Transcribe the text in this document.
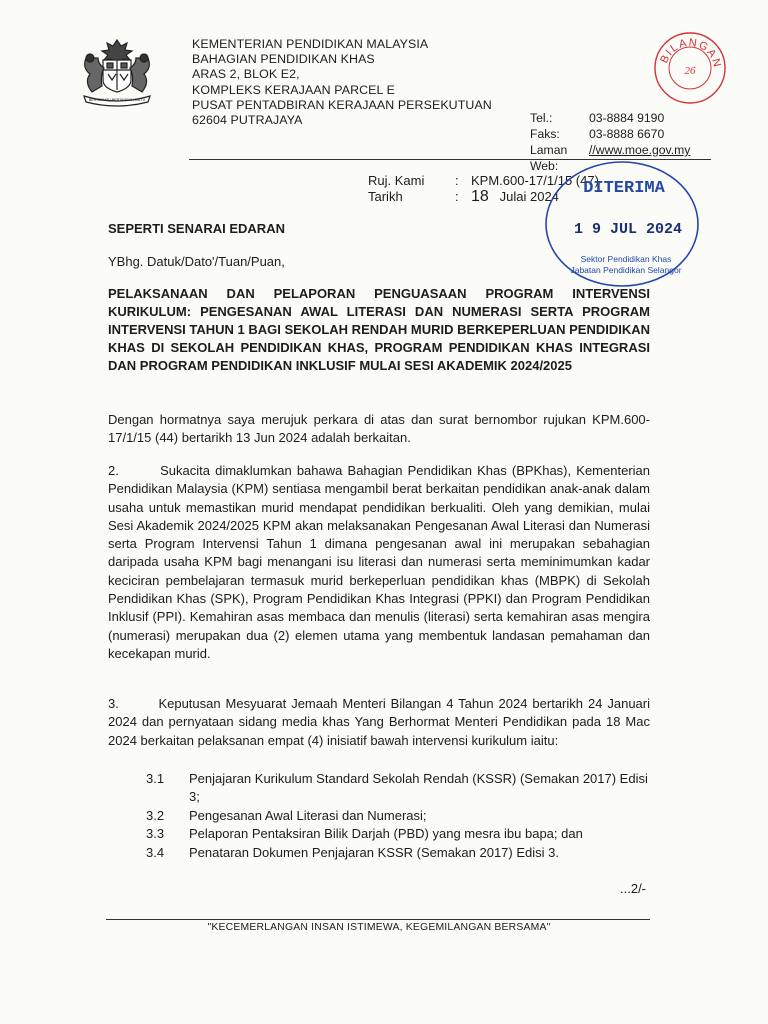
BERSEKUTU BERTAMBAH MUTU
KEMENTERIAN PENDIDIKAN MALAYSIA
BAHAGIAN PENDIDIKAN KHAS
ARAS 2, BLOK E2,
KOMPLEKS KERAJAAN PARCEL E
PUSAT PENTADBIRAN KERAJAAN PERSEKUTUAN
62604 PUTRAJAYA	Tel.:	03-8884 9190
Faks:	03-8888 6670
Laman Web:
//www.moe.gov.my
BILANGAN
26
Ruj. Kami	: KPM.600-17/1/15 (47)
Tarikh	: 18
Julai 2024 DITERIMA
1 9 JUL 2024
Sektor Pendidikan Khas
Jabatan Pendidikan Selangor
SEPERTI SENARAI EDARAN
YBhg. Datuk/Dato'/Tuan/Puan,
PELAKSANAAN DAN PELAPORAN PENGUASAAN PROGRAM INTERVENSI KURIKULUM: PENGESANAN AWAL LITERASI DAN NUMERASI SERTA PROGRAM INTERVENSI TAHUN 1 BAGI SEKOLAH RENDAH MURID BERKEPERLUAN PENDIDIKAN KHAS DI SEKOLAH PENDIDIKAN KHAS, PROGRAM PENDIDIKAN KHAS INTEGRASI DAN PROGRAM PENDIDIKAN INKLUSIF MULAI SESI AKADEMIK 2024/2025
Dengan hormatnya saya merujuk perkara di atas dan surat bernombor rujukan KPM.600-17/1/15 (44) bertarikh 13 Jun 2024 adalah berkaitan.
2.        Sukacita dimaklumkan bahawa Bahagian Pendidikan Khas (BPKhas), Kementerian Pendidikan Malaysia (KPM) sentiasa mengambil berat berkaitan pendidikan anak-anak dalam usaha untuk memastikan murid mendapat pendidikan berkualiti. Oleh yang demikian, mulai Sesi Akademik 2024/2025 KPM akan melaksanakan Pengesanan Awal Literasi dan Numerasi serta Program Intervensi Tahun 1 dimana pengesanan awal ini merupakan sebahagian daripada usaha KPM bagi menangani isu literasi dan numerasi serta meminimumkan kadar keciciran pembelajaran termasuk murid berkeperluan pendidikan khas (MBPK) di Sekolah Pendidikan Khas (SPK), Program Pendidikan Khas Integrasi (PPKI) dan Program Pendidikan Inklusif (PPI). Kemahiran asas membaca dan menulis (literasi) serta kemahiran asas mengira (numerasi) merupakan dua (2) elemen utama yang membentuk landasan pemahaman dan kecekapan murid.
3.        Keputusan Mesyuarat Jemaah Menteri Bilangan 4 Tahun 2024 bertarikh 24 Januari 2024 dan pernyataan sidang media khas Yang Berhormat Menteri Pendidikan pada 18 Mac 2024 berkaitan pelaksanan empat (4) inisiatif bawah intervensi kurikulum iaitu:
3.1	Penjajaran Kurikulum Standard Sekolah Rendah (KSSR) (Semakan 2017) Edisi 3;
3.2	Pengesanan Awal Literasi dan Numerasi;
3.3	Pelaporan Pentaksiran Bilik Darjah (PBD) yang mesra ibu bapa; dan
3.4	Penataran Dokumen Penjajaran KSSR (Semakan 2017) Edisi 3.
...2/-
"KECEMERLANGAN INSAN ISTIMEWA, KEGEMILANGAN BERSAMA"
